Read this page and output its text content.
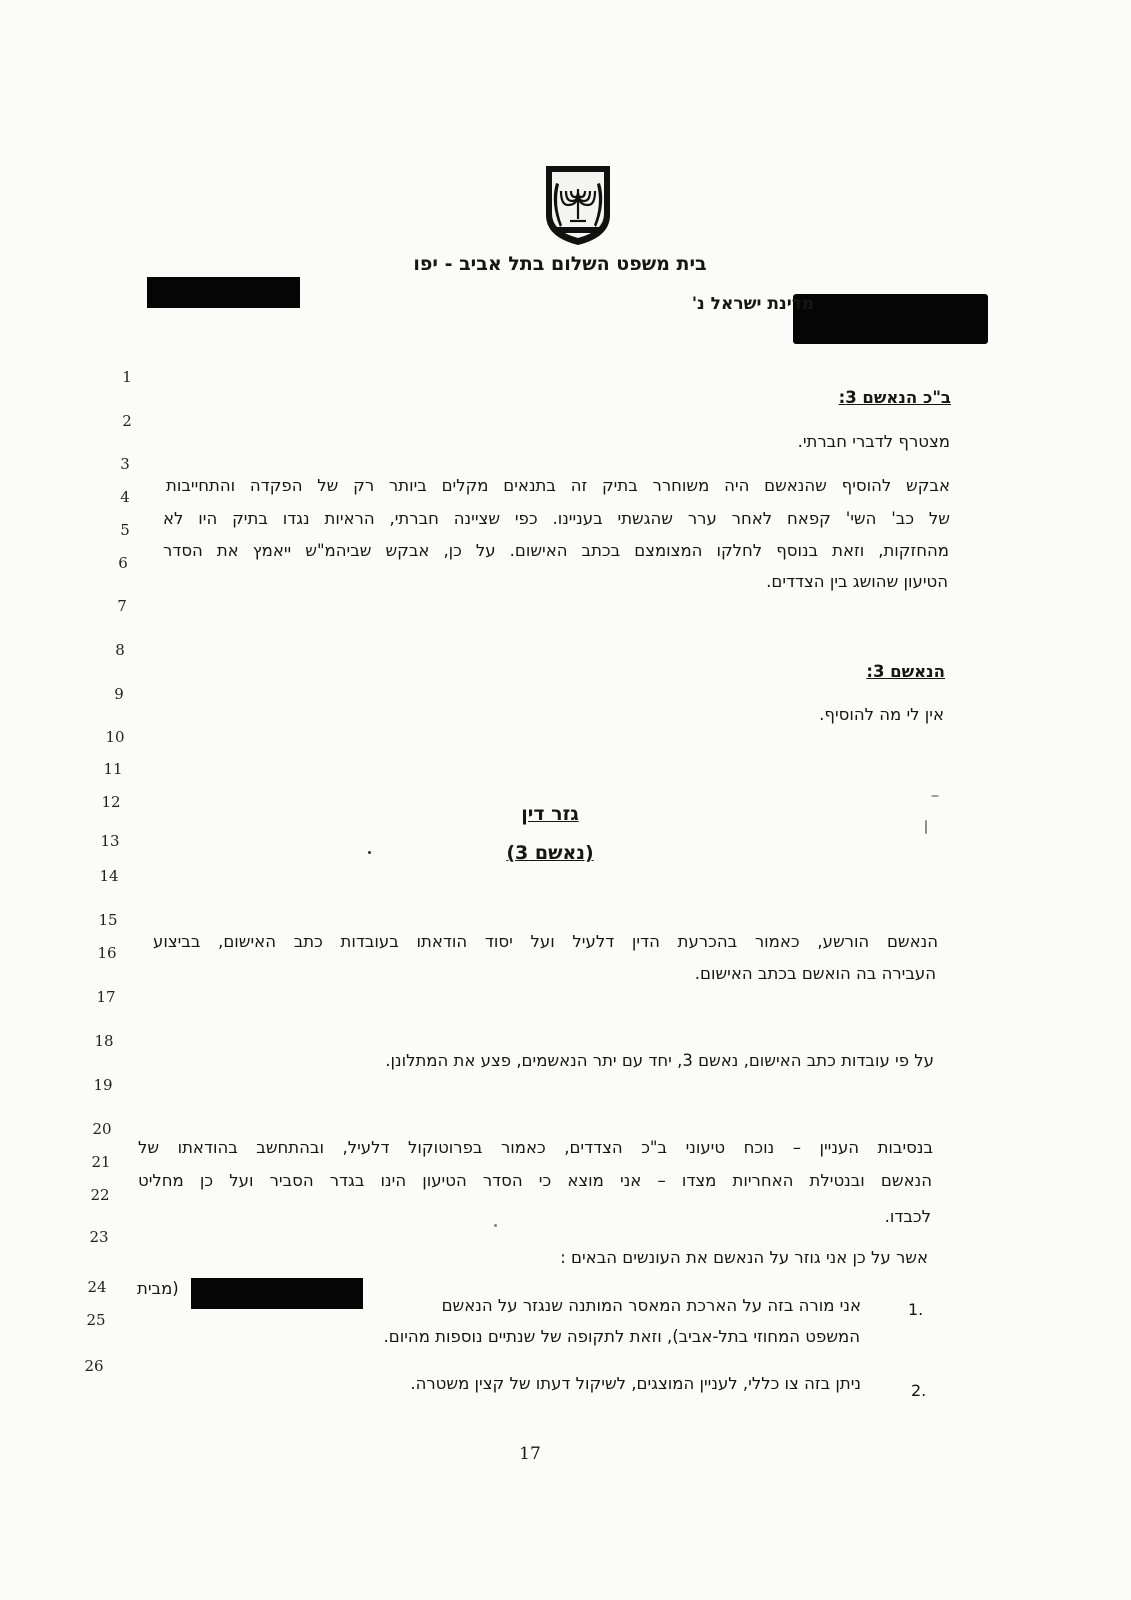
בית משפט השלום בתל אביב - יפו
מדינת ישראל נ'
1
2
3
4
5
6
7
8
9
10
11
12
13
14
15
16
17
18
19
20
21
22
23
24
25
26
ב"כ הנאשם 3:
מצטרף לדברי חברתי.
אבקש להוסיף שהנאשם היה משוחרר בתיק זה בתנאים מקלים ביותר רק של הפקדה והתחייבות
של כב' השי' קפאח לאחר ערר שהגשתי בעניינו. כפי שציינה חברתי, הראיות נגדו בתיק היו לא
מהחזקות, וזאת בנוסף לחלקו המצומצם בכתב האישום. על כן, אבקש שביהמ"ש ייאמץ את הסדר
הטיעון שהושג בין הצדדים.
הנאשם 3:
אין לי מה להוסיף.
גזר דין
(נאשם 3)
הנאשם הורשע, כאמור בהכרעת הדין דלעיל ועל יסוד הודאתו בעובדות כתב האישום, בביצוע
העבירה בה הואשם בכתב האישום.
על פי עובדות כתב האישום, נאשם 3, יחד עם יתר הנאשמים, פצע את המתלונן.
בנסיבות העניין – נוכח טיעוני ב"כ הצדדים, כאמור בפרוטוקול דלעיל, ובהתחשב בהודאתו של
הנאשם ובנטילת האחריות מצדו – אני מוצא כי הסדר הטיעון הינו בגדר הסביר ועל כן מחליט
לכבדו.
אשר על כן אני גוזר על הנאשם את העונשים הבאים :
1.
אני מורה בזה על הארכת המאסר המותנה שנגזר על הנאשם
(מבית
המשפט המחוזי בתל-אביב), וזאת לתקופה של שנתיים נוספות מהיום.
2.
ניתן בזה צו כללי, לעניין המוצגים, לשיקול דעתו של קצין משטרה.
17
